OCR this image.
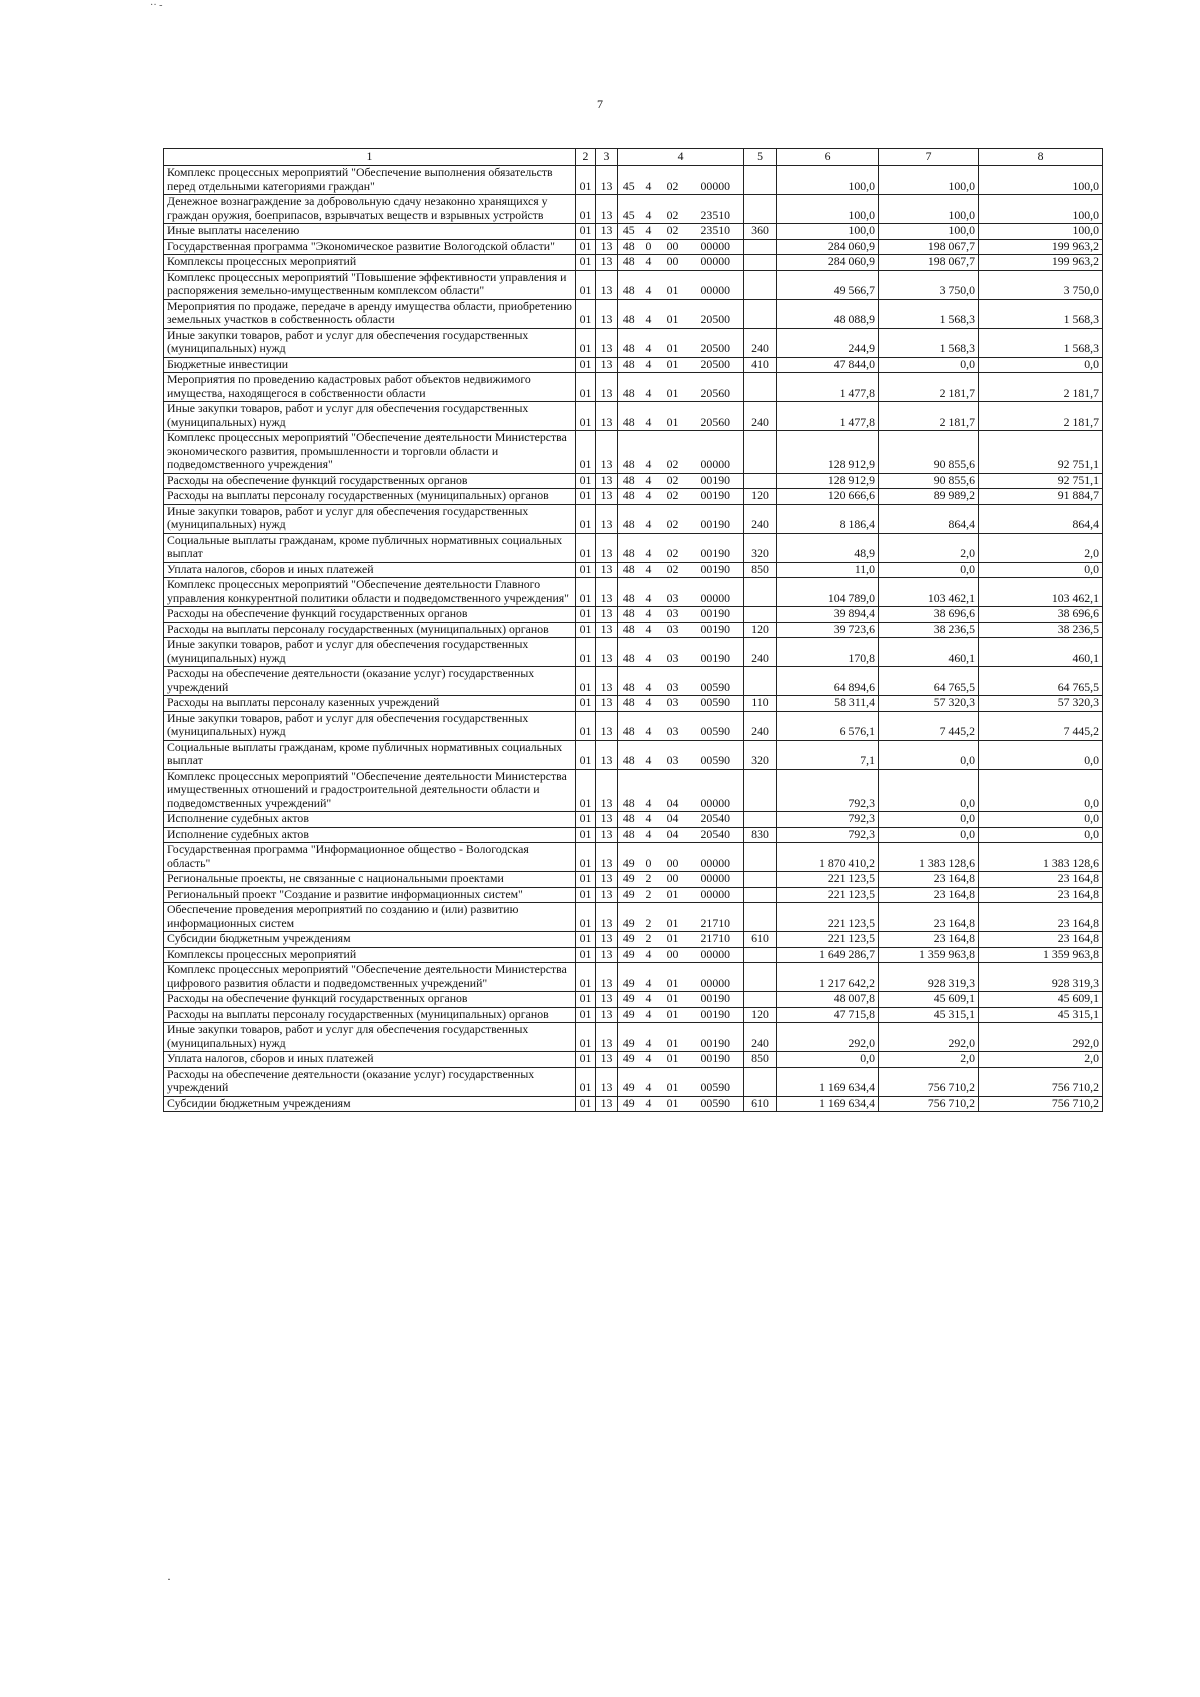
·· -
7
1	2	3	4				5	6	7	8
Комплекс процессных мероприятий "Обеспечение выполнения обязательств перед отдельными категориями граждан"	01	13	45	4	02	00000		100,0	100,0	100,0
Денежное вознаграждение за добровольную сдачу незаконно хранящихся у граждан оружия, боеприпасов, взрывчатых веществ и взрывных устройств	01	13	45	4	02	23510		100,0	100,0	100,0
Иные выплаты населению	01	13	45	4	02	23510	360	100,0	100,0	100,0
Государственная программа "Экономическое развитие Вологодской области"	01	13	48	0	00	00000		284 060,9	198 067,7	199 963,2
Комплексы процессных мероприятий	01	13	48	4	00	00000		284 060,9	198 067,7	199 963,2
Комплекс процессных мероприятий "Повышение эффективности управления и распоряжения земельно-имущественным комплексом области"	01	13	48	4	01	00000		49 566,7	3 750,0	3 750,0
Мероприятия по продаже, передаче в аренду имущества области, приобретению земельных участков в собственность области	01	13	48	4	01	20500		48 088,9	1 568,3	1 568,3
Иные закупки товаров, работ и услуг для обеспечения государственных (муниципальных) нужд	01	13	48	4	01	20500	240	244,9	1 568,3	1 568,3
Бюджетные инвестиции	01	13	48	4	01	20500	410	47 844,0	0,0	0,0
Мероприятия по проведению кадастровых работ объектов недвижимого имущества, находящегося в собственности области	01	13	48	4	01	20560		1 477,8	2 181,7	2 181,7
Иные закупки товаров, работ и услуг для обеспечения государственных (муниципальных) нужд	01	13	48	4	01	20560	240	1 477,8	2 181,7	2 181,7
Комплекс процессных мероприятий "Обеспечение деятельности Министерства экономического развития, промышленности и торговли области и подведомственного учреждения"	01	13	48	4	02	00000		128 912,9	90 855,6	92 751,1
Расходы на обеспечение функций государственных органов	01	13	48	4	02	00190		128 912,9	90 855,6	92 751,1
Расходы на выплаты персоналу государственных (муниципальных) органов	01	13	48	4	02	00190	120	120 666,6	89 989,2	91 884,7
Иные закупки товаров, работ и услуг для обеспечения государственных (муниципальных) нужд	01	13	48	4	02	00190	240	8 186,4	864,4	864,4
Социальные выплаты гражданам, кроме публичных нормативных социальных выплат	01	13	48	4	02	00190	320	48,9	2,0	2,0
Уплата налогов, сборов и иных платежей	01	13	48	4	02	00190	850	11,0	0,0	0,0
Комплекс процессных мероприятий "Обеспечение деятельности Главного управления конкурентной политики области и подведомственного учреждения"	01	13	48	4	03	00000		104 789,0	103 462,1	103 462,1
Расходы на обеспечение функций государственных органов	01	13	48	4	03	00190		39 894,4	38 696,6	38 696,6
Расходы на выплаты персоналу государственных (муниципальных) органов	01	13	48	4	03	00190	120	39 723,6	38 236,5	38 236,5
Иные закупки товаров, работ и услуг для обеспечения государственных (муниципальных) нужд	01	13	48	4	03	00190	240	170,8	460,1	460,1
Расходы на обеспечение деятельности (оказание услуг) государственных учреждений	01	13	48	4	03	00590		64 894,6	64 765,5	64 765,5
Расходы на выплаты персоналу казенных учреждений	01	13	48	4	03	00590	110	58 311,4	57 320,3	57 320,3
Иные закупки товаров, работ и услуг для обеспечения государственных (муниципальных) нужд	01	13	48	4	03	00590	240	6 576,1	7 445,2	7 445,2
Социальные выплаты гражданам, кроме публичных нормативных социальных выплат	01	13	48	4	03	00590	320	7,1	0,0	0,0
Комплекс процессных мероприятий "Обеспечение деятельности Министерства имущественных отношений и градостроительной деятельности области и подведомственных учреждений"	01	13	48	4	04	00000		792,3	0,0	0,0
Исполнение судебных актов	01	13	48	4	04	20540		792,3	0,0	0,0
Исполнение судебных актов	01	13	48	4	04	20540	830	792,3	0,0	0,0
Государственная программа "Информационное общество - Вологодская область"	01	13	49	0	00	00000		1 870 410,2	1 383 128,6	1 383 128,6
Региональные проекты, не связанные с национальными проектами	01	13	49	2	00	00000		221 123,5	23 164,8	23 164,8
Региональный проект "Создание и развитие информационных систем"	01	13	49	2	01	00000		221 123,5	23 164,8	23 164,8
Обеспечение проведения мероприятий по созданию и (или) развитию информационных систем	01	13	49	2	01	21710		221 123,5	23 164,8	23 164,8
Субсидии бюджетным учреждениям	01	13	49	2	01	21710	610	221 123,5	23 164,8	23 164,8
Комплексы процессных мероприятий	01	13	49	4	00	00000		1 649 286,7	1 359 963,8	1 359 963,8
Комплекс процессных мероприятий "Обеспечение деятельности Министерства цифрового развития области и подведомственных учреждений"	01	13	49	4	01	00000		1 217 642,2	928 319,3	928 319,3
Расходы на обеспечение функций государственных органов	01	13	49	4	01	00190		48 007,8	45 609,1	45 609,1
Расходы на выплаты персоналу государственных (муниципальных) органов	01	13	49	4	01	00190	120	47 715,8	45 315,1	45 315,1
Иные закупки товаров, работ и услуг для обеспечения государственных (муниципальных) нужд	01	13	49	4	01	00190	240	292,0	292,0	292,0
Уплата налогов, сборов и иных платежей	01	13	49	4	01	00190	850	0,0	2,0	2,0
Расходы на обеспечение деятельности (оказание услуг) государственных учреждений	01	13	49	4	01	00590		1 169 634,4	756 710,2	756 710,2
Субсидии бюджетным учреждениям	01	13	49	4	01	00590	610	1 169 634,4	756 710,2	756 710,2
·
